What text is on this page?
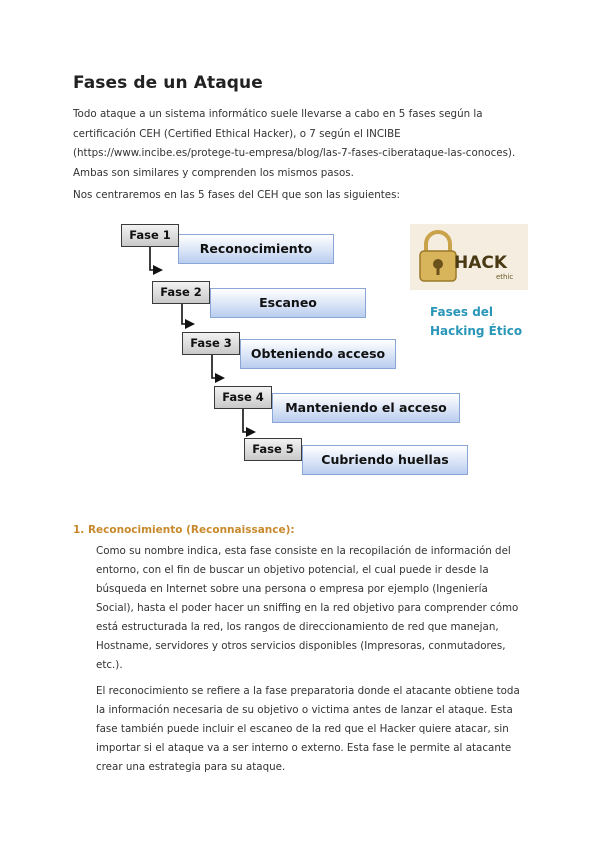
Fases de un Ataque

Todo ataque a un sistema informático suele llevarse a cabo en 5 fases según la certificación CEH (Certified Ethical Hacker), o 7 según el INCIBE (https://www.incibe.es/protege-tu-empresa/blog/las-7-fases-ciberataque-las-conoces). Ambas son similares y comprenden los mismos pasos.

Nos centraremos en las 5 fases del CEH que son las siguientes:

Reconocimiento
Fase 1
Escaneo
Fase 2
Obteniendo acceso
Fase 3
Manteniendo el acceso
Fase 4
Cubriendo huellas
Fase 5
HACK
ethic
Fases del
Hacking Ético
1. Reconocimiento (Reconnaissance):

Como su nombre indica, esta fase consiste en la recopilación de información del entorno, con el fin de buscar un objetivo potencial, el cual puede ir desde la búsqueda en Internet sobre una persona o empresa por ejemplo (Ingeniería Social), hasta el poder hacer un sniffing en la red objetivo para comprender cómo está estructurada la red, los rangos de direccionamiento de red que manejan, Hostname, servidores y otros servicios disponibles (Impresoras, conmutadores, etc.).

El reconocimiento se refiere a la fase preparatoria donde el atacante obtiene toda la información necesaria de su objetivo o victima antes de lanzar el ataque. Esta fase también puede incluir el escaneo de la red que el Hacker quiere atacar, sin importar si el ataque va a ser interno o externo. Esta fase le permite al atacante crear una estrategia para su ataque.
